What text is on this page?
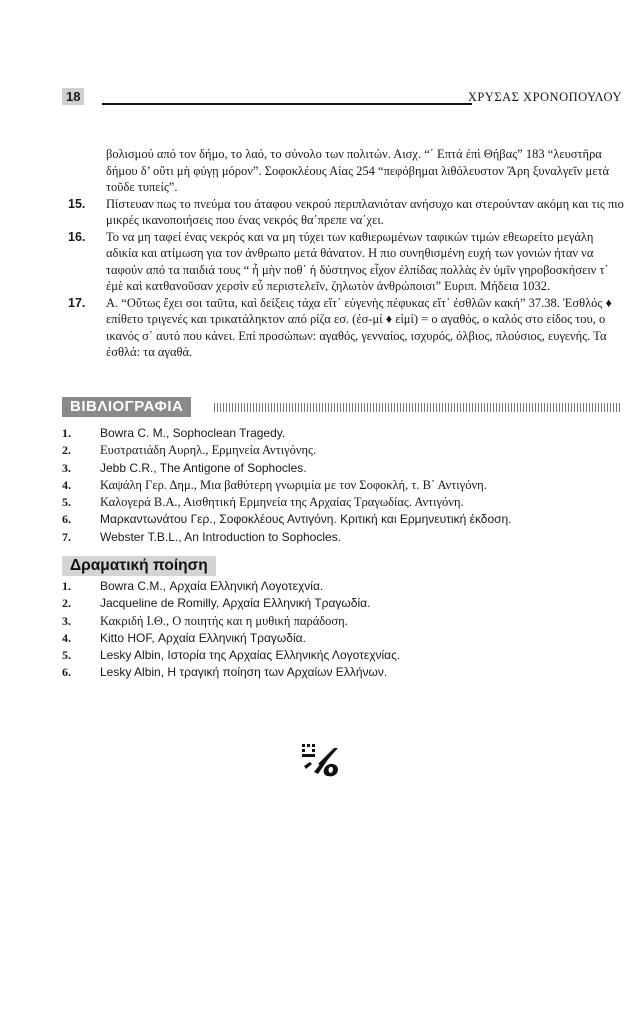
18	ΧΡΥΣΑΣ ΧΡΟΝΟΠΟΥΛΟΥ

βολισμού από τον δήμο, το λαό, το σύνολο των πολιτών. Αισχ. “΄ Επτά ἐπὶ Θήβας” 183 “λευστῆρα δήμου δ’ οὔτι μὴ φύγῃ μόρον”. Σοφοκλέους Αίας 254 “πεφόβημαι λιθόλευστον Ἄρη ξυναλγεῖν μετὰ τοῦδε τυπείς”.

15. Πίστευαν πως το πνεύμα του άταφου νεκρού περιπλανιόταν ανήσυχο και στερούνταν ακόμη και τις πιο μικρές ικανοποιήσεις που ένας νεκρός θα΄πρεπε να΄χει.

16. Το να μη ταφεί ένας νεκρός και να μη τύχει των καθιερωμένων ταφικών τιμών εθεωρείτο μεγάλη αδικία και ατίμωση για τον άνθρωπο μετά θάνατον. Η πιο συνηθισμένη ευχή των γονιών ήταν να ταφούν από τα παιδιά τους “ ἦ μὴν ποθ΄ ἡ δύστηνος εἶχον ἐλπίδας πολλὰς ἐν ὑμῖν γηροβοσκήσειν τ΄ ἐμὲ καὶ κατθανοῦσαν χερσὶν εὖ περιστελεῖν, ζηλωτὸν ἀνθρώποισι” Ευριπ. Μήδεια 1032.

17. Α. “Οὕτως ἔχει σοι ταῦτα, καὶ δείξεις τάχα εἴτ᾽ εὐγενὴς πέφυκας εἴτ᾽ ἐσθλῶν κακή” 37.38. Ἐσθλός ♦ επίθετο τριγενές και τρικατάληκτον από ρίζα εσ. (ἐσ-μί ♦ εἰμί) = ο αγαθός, ο καλός στο είδος του, ο ικανός σ΄ αυτό που κάνει. Επί προσώπων: αγαθός, γενναίος, ισχυρός, όλβιος, πλούσιος, ευγενής. Τα ἐσθλά: τα αγαθά.

ΒΙΒΛΙΟΓΡΑΦΙΑ
1. Bowra C. M., Sophoclean Tragedy.
2. Ευστρατιάδη Αυρηλ., Ερμηνεία Αντιγόνης.
3. Jebb C.R., The Antigone of Sophocles.
4. Καψάλη Γερ. Δημ., Μια βαθύτερη γνωριμία με τον Σοφοκλή, τ. Β΄ Αντιγόνη.
5. Καλογερά Β.Α., Αισθητική Ερμηνεία της Αρχαίας Τραγωδίας. Αντιγόνη.
6. Μαρκαντωνάτου Γερ., Σοφοκλέους Αντιγόνη. Κριτική και Ερμηνευτική έκδοση.
7. Webster T.B.L., An Introduction to Sophocles.
Δραματική ποίηση
1. Bowra C.M., Αρχαία Ελληνική Λογοτεχνία.
2. Jacqueline de Romilly, Αρχαία Ελληνική Τραγωδία.
3. Κακριδή Ι.Θ., Ο ποιητής και η μυθική παράδοση.
4. Kitto HOF, Αρχαία Ελληνική Τραγωδία.
5. Lesky Albin, Ιστορία της Αρχαίας Ελληνικής Λογοτεχνίας.
6. Lesky Albin, Η τραγική ποίηση των Αρχαίων Ελλήνων.
